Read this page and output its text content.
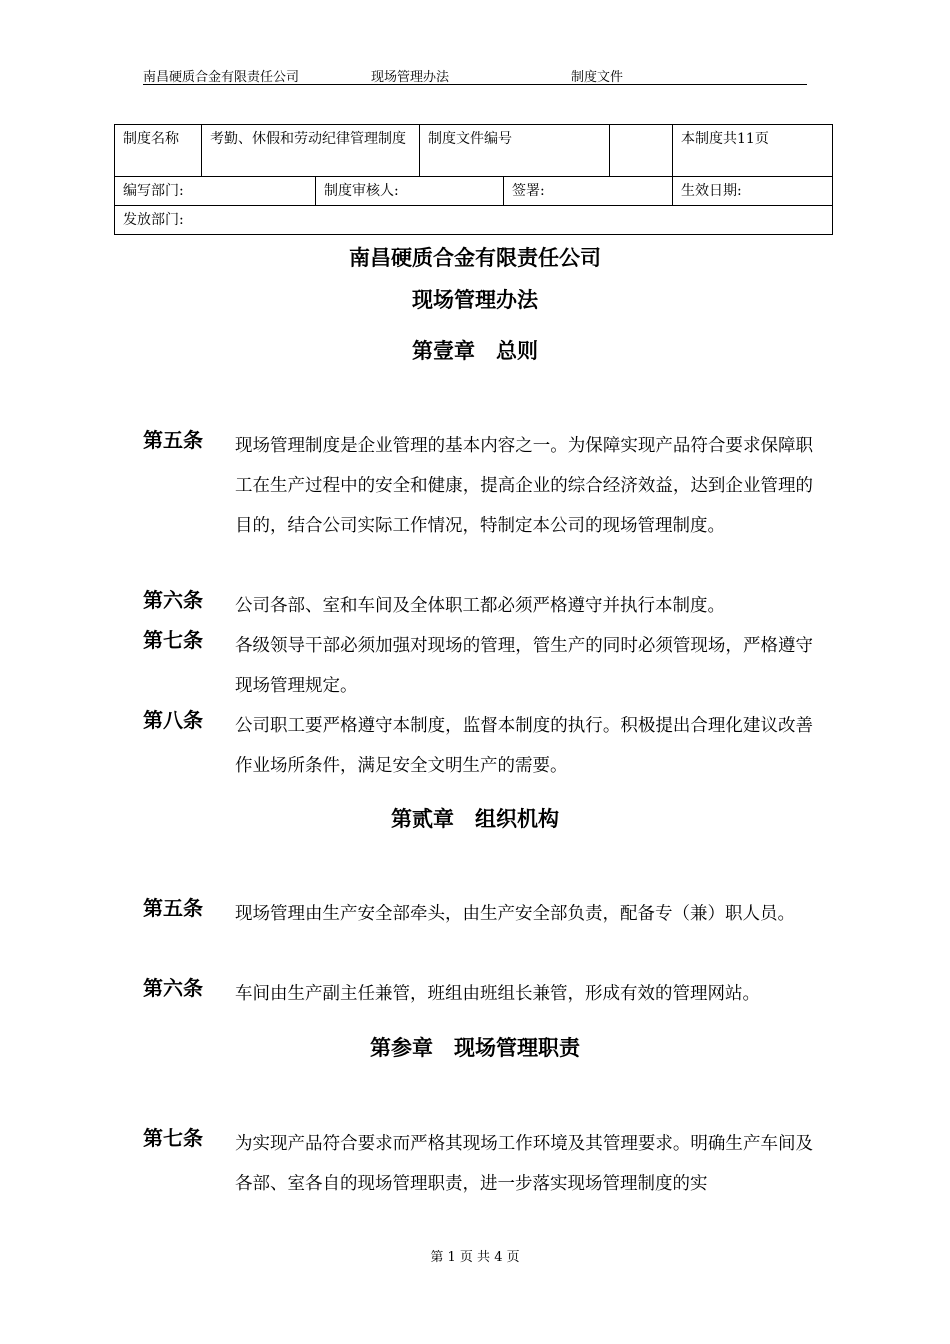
南昌硬质合金有限责任公司	现场管理办法	制度文件
制度名称	考勤、休假和劳动纪律管理制度		制度文件编号			本制度共11页
编写部门:		制度审核人:		签署:		生效日期:
发放部门:						
南昌硬质合金有限责任公司
现场管理办法
第壹章　总则
第五条 现场管理制度是企业管理的基本内容之一。为保障实现产品符合要求保障职工在生产过程中的安全和健康，提高企业的综合经济效益，达到企业管理的目的，结合公司实际工作情况，特制定本公司的现场管理制度。
第六条 公司各部、室和车间及全体职工都必须严格遵守并执行本制度。
第七条 各级领导干部必须加强对现场的管理，管生产的同时必须管现场，严格遵守现场管理规定。
第八条 公司职工要严格遵守本制度，监督本制度的执行。积极提出合理化建议改善作业场所条件，满足安全文明生产的需要。
第贰章　组织机构
第五条 现场管理由生产安全部牵头，由生产安全部负责，配备专（兼）职人员。
第六条 车间由生产副主任兼管，班组由班组长兼管，形成有效的管理网站。
第参章　现场管理职责
第七条 为实现产品符合要求而严格其现场工作环境及其管理要求。明确生产车间及各部、室各自的现场管理职责，进一步落实现场管理制度的实
第 1 页 共 4 页
